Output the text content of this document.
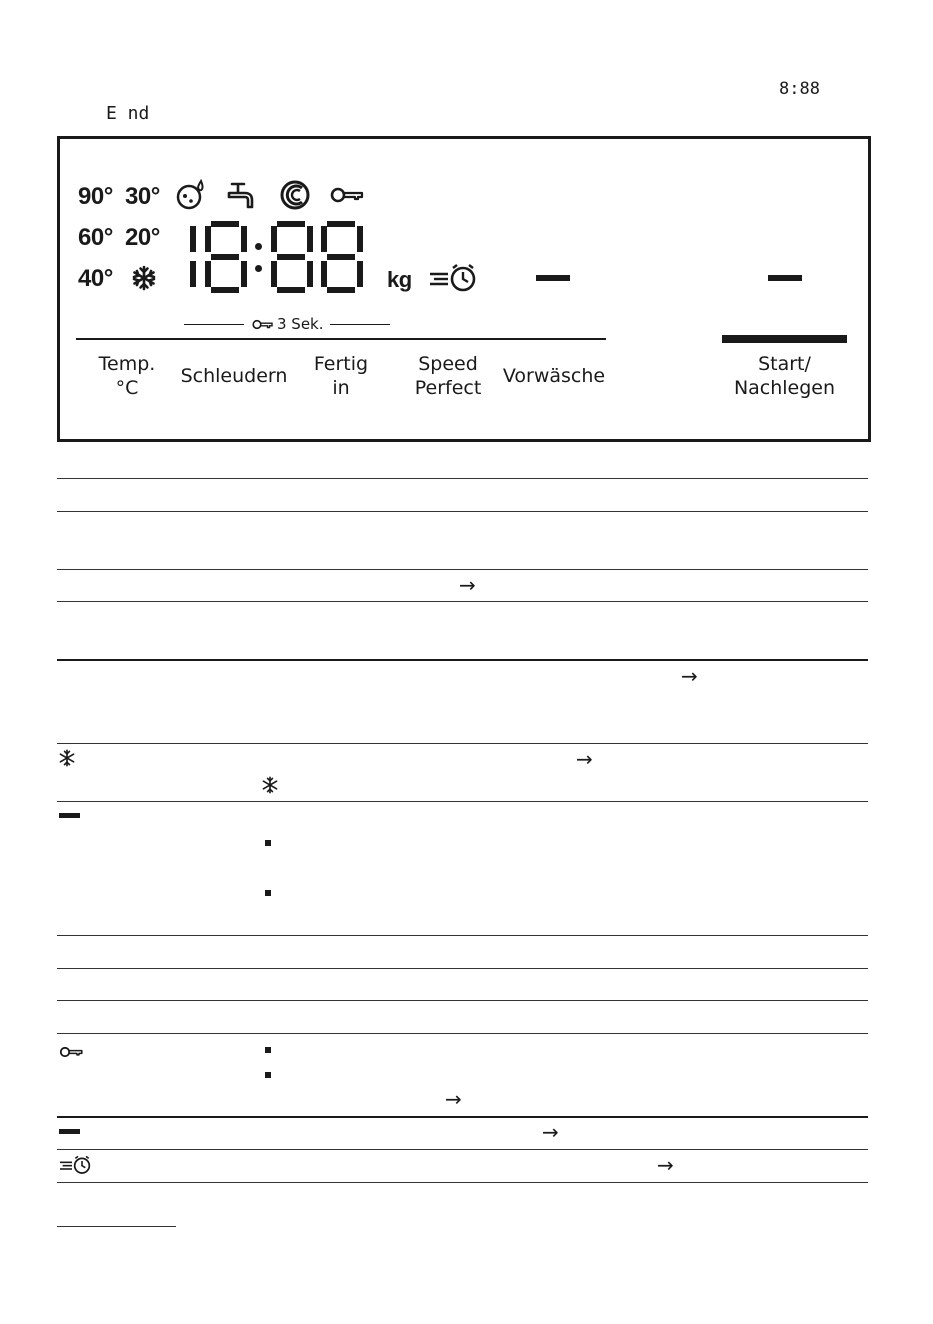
8:88
E nd
90° 30°
60° 20°
40°	kg
3 Sek.
Temp.
°C
Schleudern
Fertig
in
Speed
Perfect
Vorwäsche
Start/
Nachlegen
→
→
→
→
→
→
